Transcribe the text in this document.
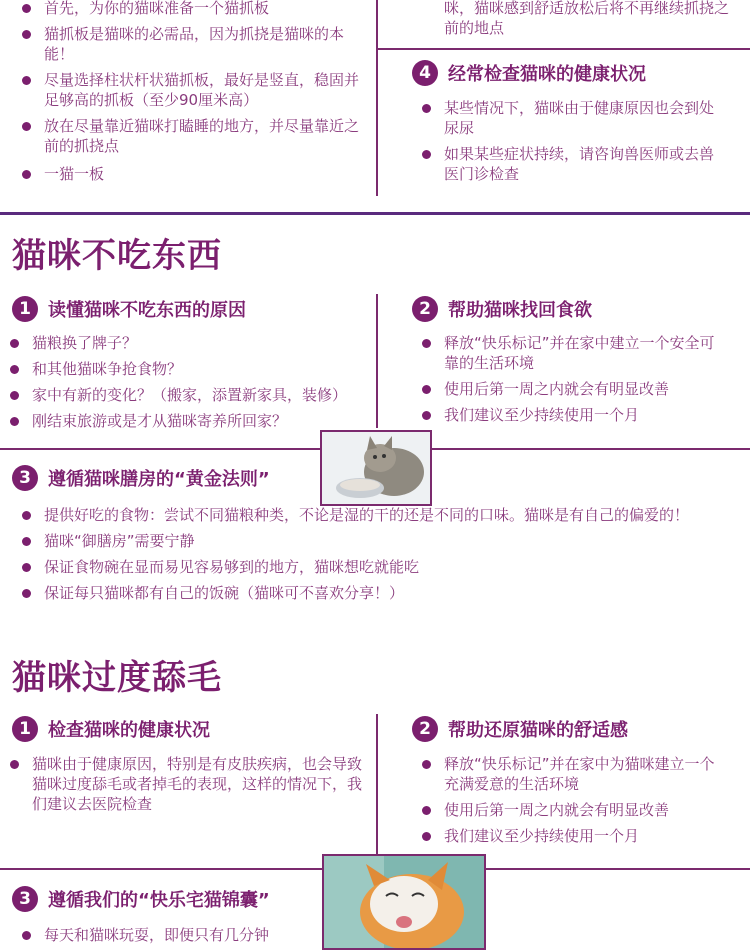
首先，为你的猫咪准备一个猫抓板
猫抓板是猫咪的必需品，因为抓挠是猫咪的本能！
尽量选择柱状杆状猫抓板，最好是竖直，稳固并足够高的抓板（至少90厘米高）
放在尽量靠近猫咪打瞌睡的地方，并尽量靠近之前的抓挠点
一猫一板
咪，猫咪感到舒适放松后将不再继续抓挠之前的地点
4 经常检查猫咪的健康状况
某些情况下，猫咪由于健康原因也会到处尿尿
如果某些症状持续，请咨询兽医师或去兽医门诊检查
猫咪不吃东西
1 读懂猫咪不吃东西的原因
猫粮换了牌子？
和其他猫咪争抢食物？
家中有新的变化？（搬家，添置新家具，装修）
刚结束旅游或是才从猫咪寄养所回家？
2 帮助猫咪找回食欲
释放“快乐标记”并在家中建立一个安全可靠的生活环境
使用后第一周之内就会有明显改善
我们建议至少持续使用一个月
3 遵循猫咪膳房的“黄金法则”
提供好吃的食物：尝试不同猫粮种类，不论是湿的干的还是不同的口味。猫咪是有自己的偏爱的！
猫咪“御膳房”需要宁静
保证食物碗在显而易见容易够到的地方，猫咪想吃就能吃
保证每只猫咪都有自己的饭碗（猫咪可不喜欢分享！）
猫咪过度舔毛
1 检查猫咪的健康状况
猫咪由于健康原因，特别是有皮肤疾病，也会导致猫咪过度舔毛或者掉毛的表现，这样的情况下，我们建议去医院检查
2 帮助还原猫咪的舒适感
释放“快乐标记”并在家中为猫咪建立一个充满爱意的生活环境
使用后第一周之内就会有明显改善
我们建议至少持续使用一个月
3 遵循我们的“快乐宅猫锦囊”
每天和猫咪玩耍，即便只有几分钟
